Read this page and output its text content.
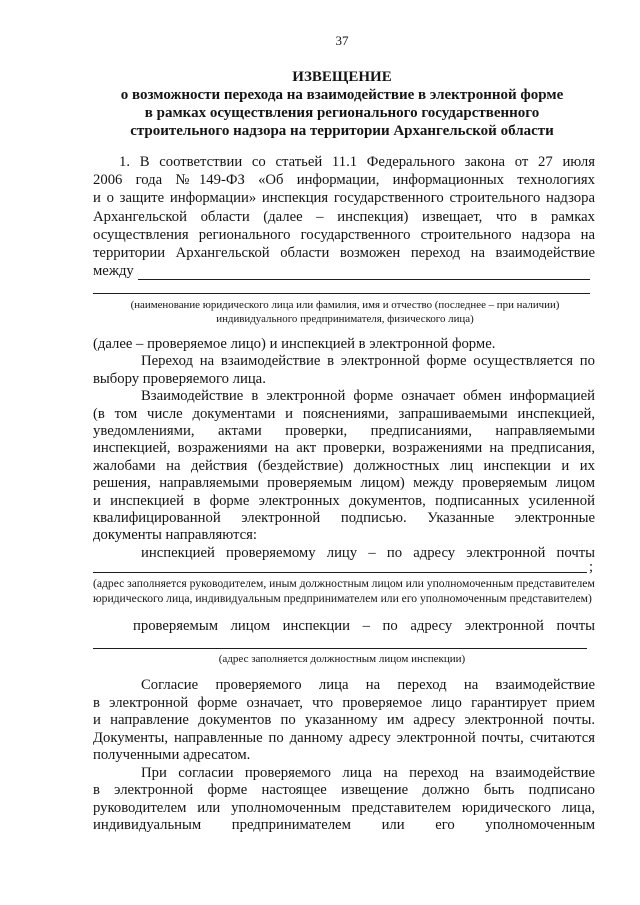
37
ИЗВЕЩЕНИЕ
о возможности перехода на взаимодействие в электронной форме
в рамках осуществления регионального государственного
строительного надзора на территории Архангельской области
1. В соответствии со статьей 11.1 Федерального закона от 27 июля
2006 года №149-ФЗ «Об информации, информационных технологиях
и о защите информации» инспекция государственного строительного надзора
Архангельской области (далее – инспекция) извещает, что в рамках
осуществления регионального государственного строительного надзора на
территории Архангельской области возможен переход на взаимодействие
между
(наименование юридического лица или фамилия, имя и отчество (последнее – при наличии)
индивидуального предпринимателя, физического лица)
(далее – проверяемое лицо) и инспекцией в электронной форме.
Переход на взаимодействие в электронной форме осуществляется по
выбору проверяемого лица.
Взаимодействие в электронной форме означает обмен информацией
(в том числе документами и пояснениями, запрашиваемыми инспекцией,
уведомлениями, актами проверки, предписаниями, направляемыми
инспекцией, возражениями на акт проверки, возражениями на предписания,
жалобами на действия (бездействие) должностных лиц инспекции и их
решения, направляемыми проверяемым лицом) между проверяемым лицом
и инспекцией в форме электронных документов, подписанных усиленной
квалифицированной электронной подписью. Указанные электронные
документы направляются:
инспекцией проверяемому лицу – по адресу электронной почты
;
(адрес заполняется руководителем, иным должностным лицом или уполномоченным представителем
юридического лица, индивидуальным предпринимателем или его уполномоченным представителем)
проверяемым лицом инспекции – по адресу электронной почты
(адрес заполняется должностным лицом инспекции)
Согласие проверяемого лица на переход на взаимодействие
в электронной форме означает, что проверяемое лицо гарантирует прием
и направление документов по указанному им адресу электронной почты.
Документы, направленные по данному адресу электронной почты, считаются
полученными адресатом.
При согласии проверяемого лица на переход на взаимодействие
в электронной форме настоящее извещение должно быть подписано
руководителем или уполномоченным представителем юридического лица,
индивидуальным предпринимателем или его уполномоченным
